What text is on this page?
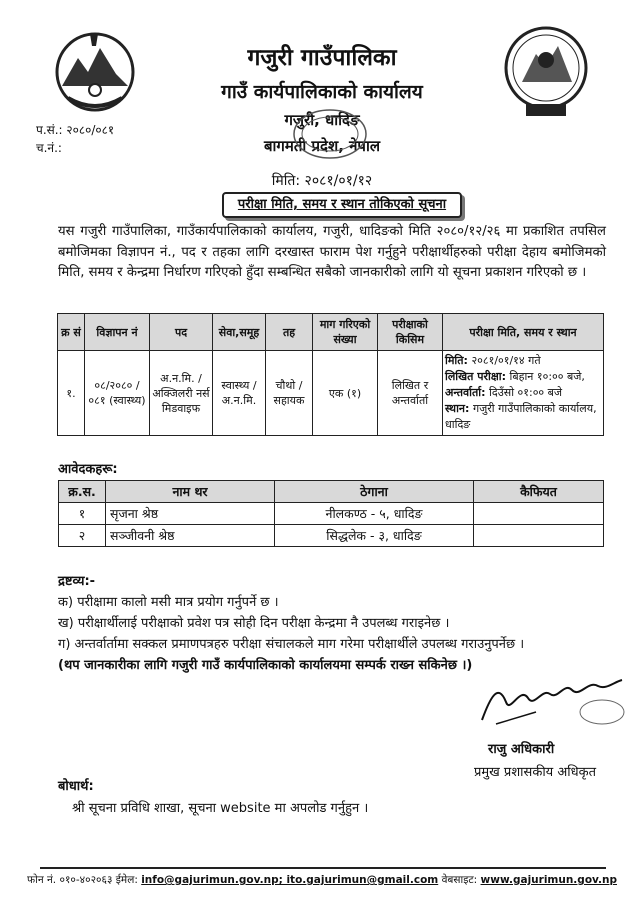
गजुरी गाउँपालिका
गाउँ कार्यपालिकाको कार्यालय
गजुरी, धादिङ
बागमती प्रदेश, नेपाल
प.सं.: २०८०/०८१
च.नं.:
मिति: २०८१/०१/१२
परीक्षा मिति, समय र स्थान तोकिएको सूचना
यस गजुरी गाउँपालिका, गाउँकार्यपालिकाको कार्यालय, गजुरी, धादिङको मिति २०८०/१२/२६ मा प्रकाशित तपसिल बमोजिमका विज्ञापन नं., पद र तहका लागि दरखास्त फाराम पेश गर्नुहुने परीक्षार्थीहरुको परीक्षा देहाय बमोजिमको मिति, समय र केन्द्रमा निर्धारण गरिएको हुँदा सम्बन्धित सबैको जानकारीको लागि यो सूचना प्रकाशन गरिएको छ ।
क्र सं	विज्ञापन नं	पद	सेवा,समूह	तह	माग गरिएको संख्या	परीक्षाको किसिम	परीक्षा मिति, समय र स्थान
१.	०८/२०८० /०८१ (स्वास्थ्य)	अ.न.मि. / अक्जिलरी नर्स मिडवाइफ	स्वास्थ्य / अ.न.मि.	चौथो / सहायक	एक (१)	लिखित र अन्तर्वार्ता	मिति: २०८१/०१/१४ गते
लिखित परीक्षा: बिहान १०:०० बजे,
अन्तर्वार्ता: दिउँसो ०१:०० बजे
स्थान: गजुरी गाउँपालिकाको कार्यालय, धादिङ
आवेदकहरू:
क्र.स.	नाम थर	ठेगाना	कैफियत
१	सृजना श्रेष्ठ	नीलकण्ठ - ५, धादिङ	
२	सञ्जीवनी श्रेष्ठ	सिद्धलेक - ३, धादिङ	
द्रष्टव्य:-
क) परीक्षामा कालो मसी मात्र प्रयोग गर्नुपर्ने छ ।
ख) परीक्षार्थीलाई परीक्षाको प्रवेश पत्र सोही दिन परीक्षा केन्द्रमा नै उपलब्ध गराइनेछ ।
ग) अन्तर्वार्तामा सक्कल प्रमाणपत्रहरु परीक्षा संचालकले माग गरेमा परीक्षार्थीले उपलब्ध गराउनुपर्नेछ ।
(थप जानकारीका लागि गजुरी गाउँ कार्यपालिकाको कार्यालयमा सम्पर्क राख्न सकिनेछ ।)
राजु अधिकारी
प्रमुख प्रशासकीय अधिकृत
बोधार्थ:
श्री सूचना प्रविधि शाखा, सूचना website मा अपलोड गर्नुहुन ।
फोन नं. ०१०-४०२०६३ ईमेल: info@gajurimun.gov.np; ito.gajurimun@gmail.com वेबसाइट: www.gajurimun.gov.np
